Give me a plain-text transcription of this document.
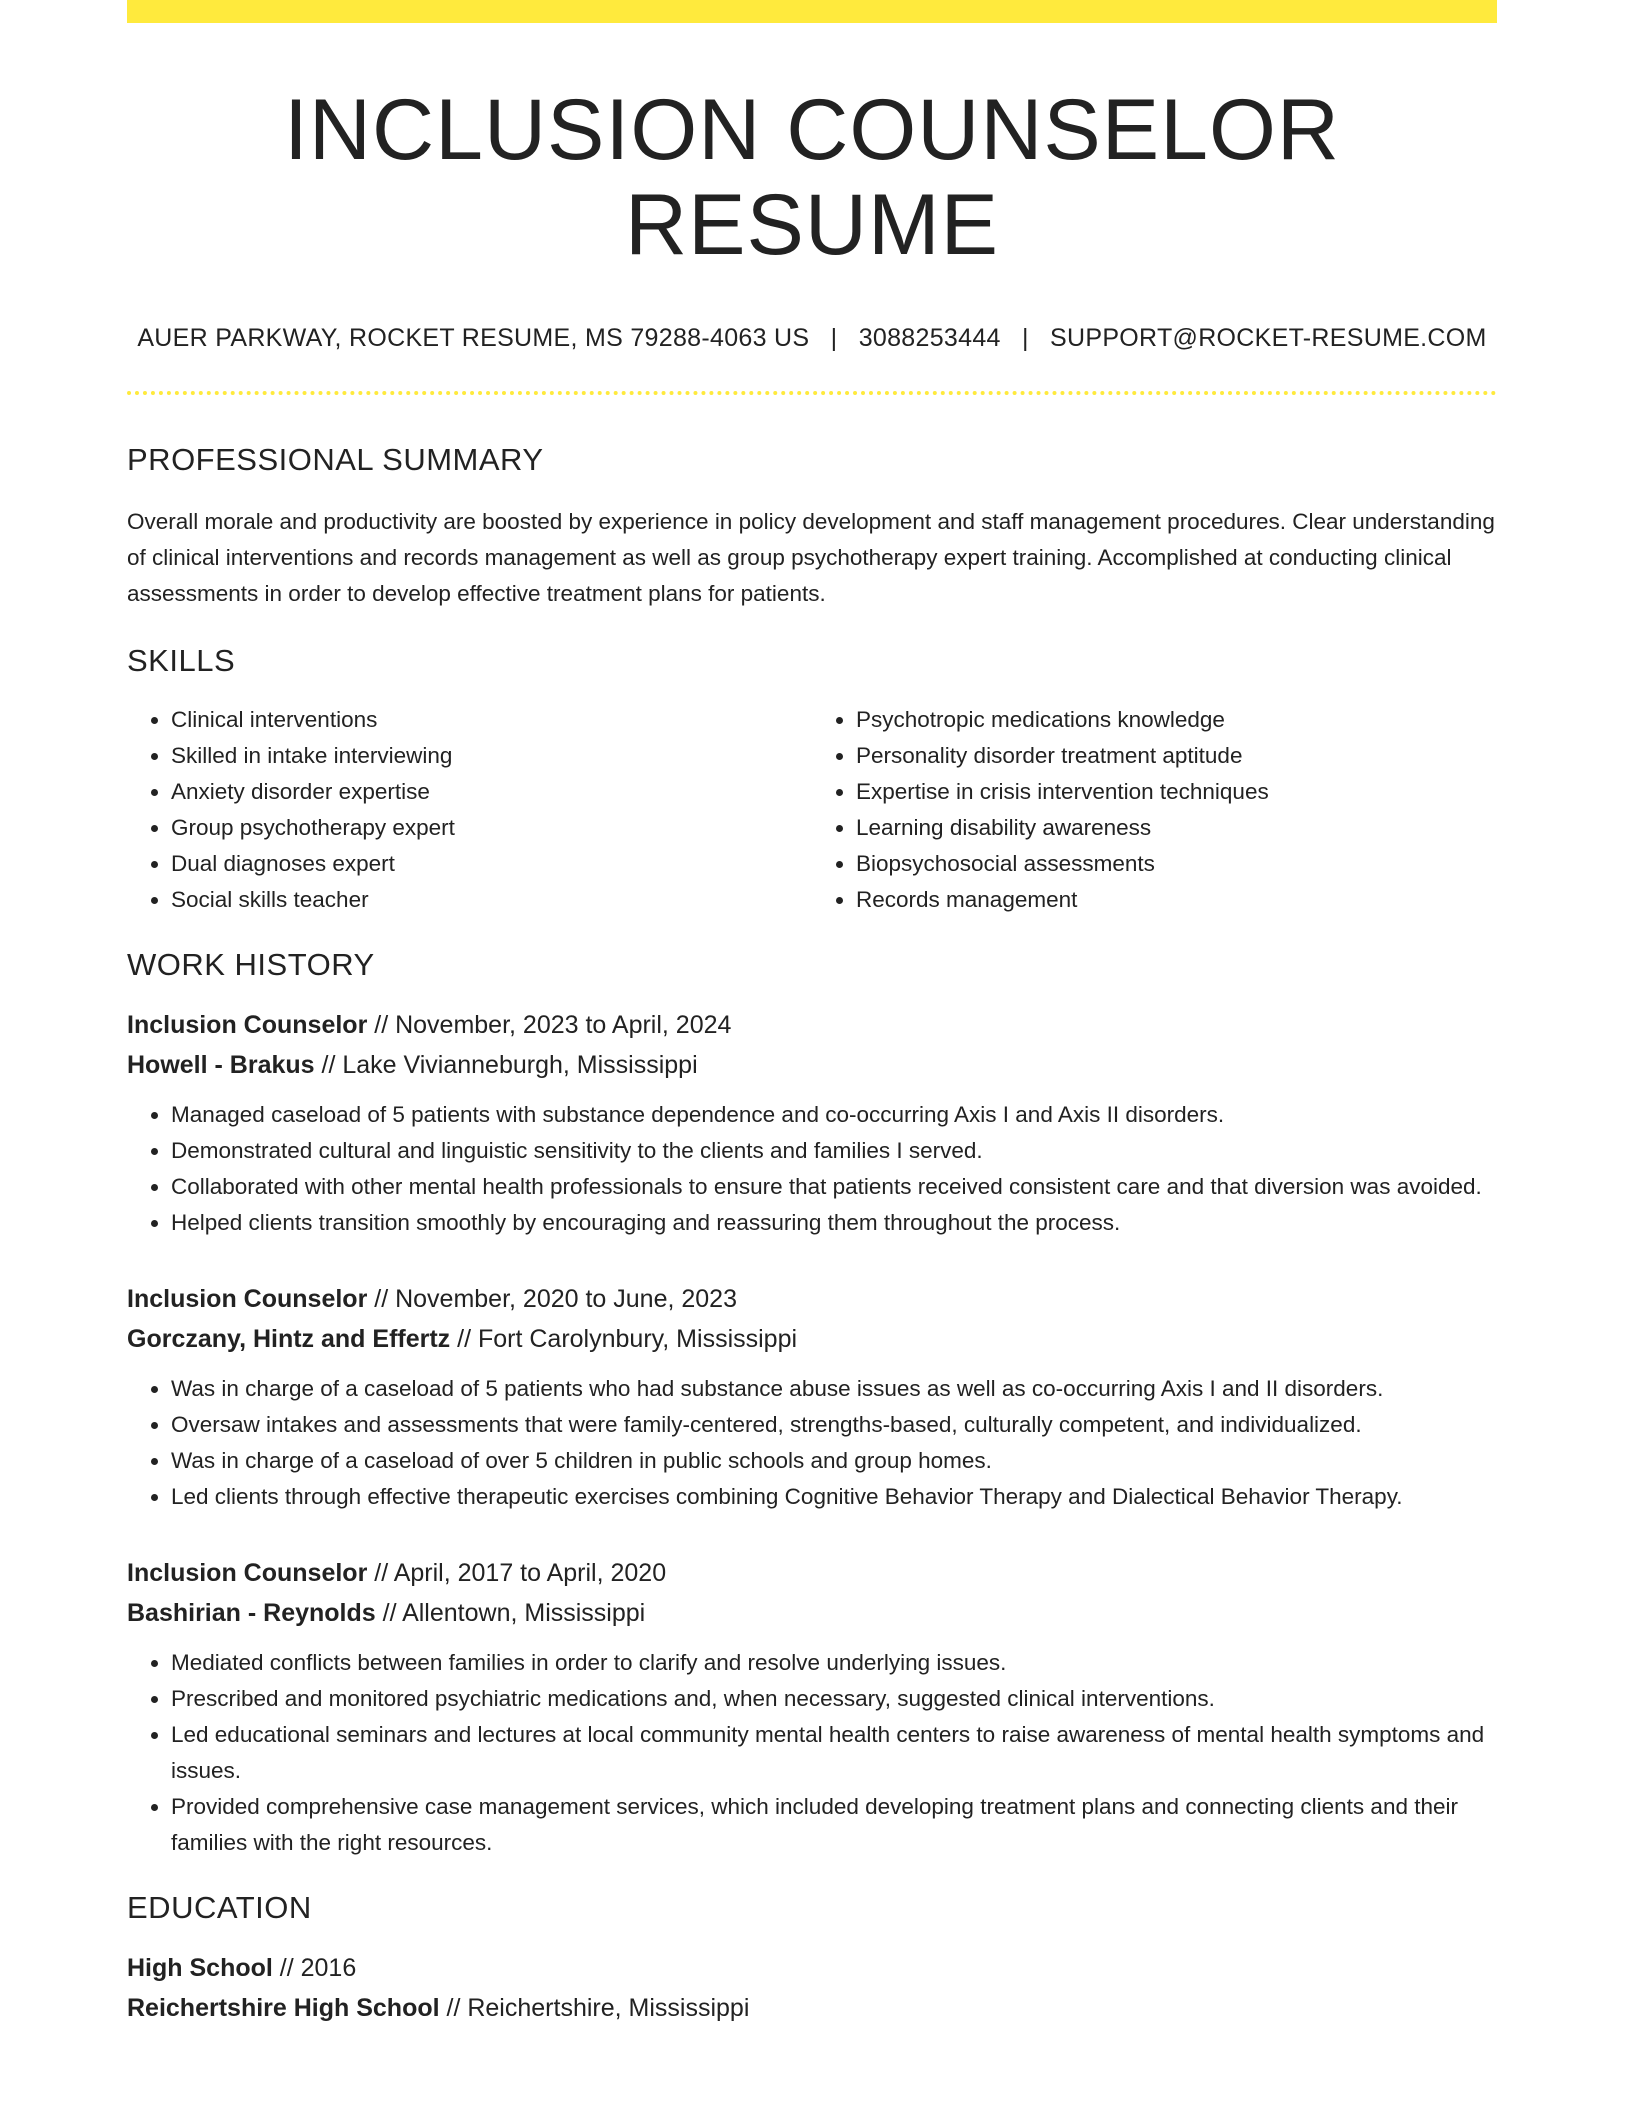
INCLUSION COUNSELOR RESUME
AUER PARKWAY, ROCKET RESUME, MS 79288-4063 US | 3088253444 | SUPPORT@ROCKET-RESUME.COM
PROFESSIONAL SUMMARY
Overall morale and productivity are boosted by experience in policy development and staff management procedures. Clear understanding of clinical interventions and records management as well as group psychotherapy expert training. Accomplished at conducting clinical assessments in order to develop effective treatment plans for patients.
SKILLS
• Clinical interventions
• Skilled in intake interviewing
• Anxiety disorder expertise
• Group psychotherapy expert
• Dual diagnoses expert
• Social skills teacher
• Psychotropic medications knowledge
• Personality disorder treatment aptitude
• Expertise in crisis intervention techniques
• Learning disability awareness
• Biopsychosocial assessments
• Records management
WORK HISTORY
Inclusion Counselor // November, 2023 to April, 2024
Howell - Brakus // Lake Vivianneburgh, Mississippi
• Managed caseload of 5 patients with substance dependence and co-occurring Axis I and Axis II disorders.
• Demonstrated cultural and linguistic sensitivity to the clients and families I served.
• Collaborated with other mental health professionals to ensure that patients received consistent care and that diversion was avoided.
• Helped clients transition smoothly by encouraging and reassuring them throughout the process.
Inclusion Counselor // November, 2020 to June, 2023
Gorczany, Hintz and Effertz // Fort Carolynbury, Mississippi
• Was in charge of a caseload of 5 patients who had substance abuse issues as well as co-occurring Axis I and II disorders.
• Oversaw intakes and assessments that were family-centered, strengths-based, culturally competent, and individualized.
• Was in charge of a caseload of over 5 children in public schools and group homes.
• Led clients through effective therapeutic exercises combining Cognitive Behavior Therapy and Dialectical Behavior Therapy.
Inclusion Counselor // April, 2017 to April, 2020
Bashirian - Reynolds // Allentown, Mississippi
• Mediated conflicts between families in order to clarify and resolve underlying issues.
• Prescribed and monitored psychiatric medications and, when necessary, suggested clinical interventions.
• Led educational seminars and lectures at local community mental health centers to raise awareness of mental health symptoms and issues.
• Provided comprehensive case management services, which included developing treatment plans and connecting clients and their families with the right resources.
EDUCATION
High School // 2016
Reichertshire High School // Reichertshire, Mississippi
